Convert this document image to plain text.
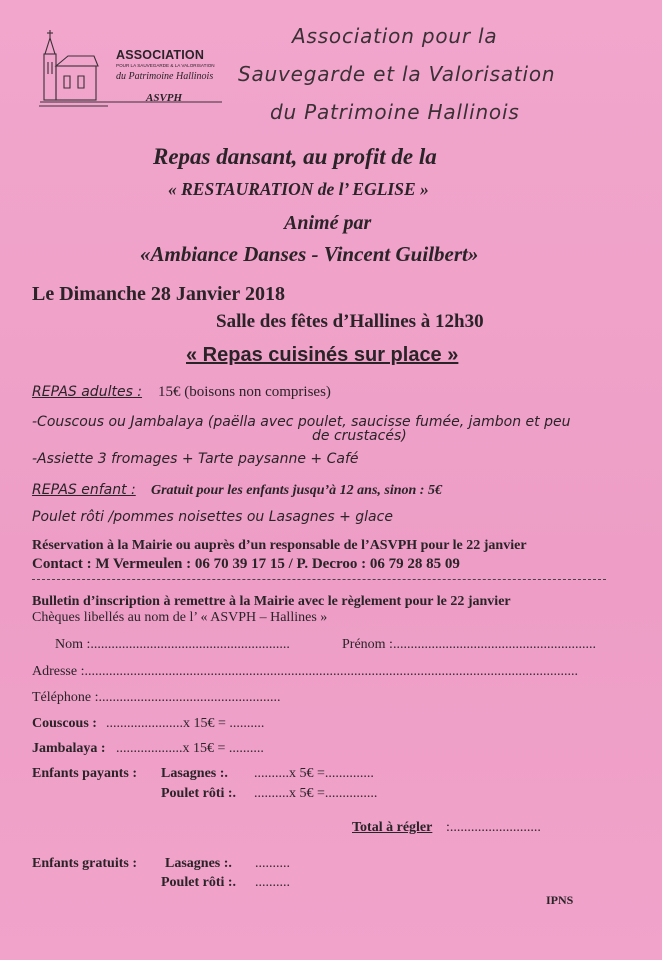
ASSOCIATION
POUR LA SAUVEGARDE & LA VALORISATION
du Patrimoine Hallinois
ASVPH
Association pour la
Sauvegarde et la Valorisation
du Patrimoine Hallinois
Repas dansant, au profit de la
« RESTAURATION de l’ EGLISE »
Animé par
«Ambiance Danses - Vincent Guilbert»
Le Dimanche 28 Janvier 2018
Salle des fêtes d’Hallines à 12h30
« Repas cuisinés sur place »
REPAS adultes : 15€ (boisons non comprises)
-Couscous ou Jambalaya (paëlla avec poulet, saucisse fumée, jambon et peu
de crustacés)
-Assiette 3 fromages + Tarte paysanne + Café
REPAS enfant : Gratuit pour les enfants jusqu’à 12 ans, sinon : 5€
Poulet rôti /pommes noisettes ou Lasagnes + glace
Réservation à la Mairie ou auprès d’un responsable de l’ASVPH pour le 22 janvier
Contact : M Vermeulen : 06 70 39 17 15 / P. Decroo : 06 79 28 85 09
Bulletin d’inscription à remettre à la Mairie avec le règlement pour le 22 janvier
Chèques libellés au nom de l’ « ASVPH – Hallines »
Nom :.........................................................	Prénom :..........................................................
Adresse :.............................................................................................................................................
Téléphone :....................................................
Couscous : ......................x 15€ = ..........
Jambalaya : ...................x 15€ = ..........
Enfants payants : Lasagnes :. ..........x 5€ =..............
Poulet rôti :. ..........x 5€ =...............
Total à régler :..........................
Enfants gratuits : Lasagnes :. ..........
Poulet rôti :. ..........
IPNS
